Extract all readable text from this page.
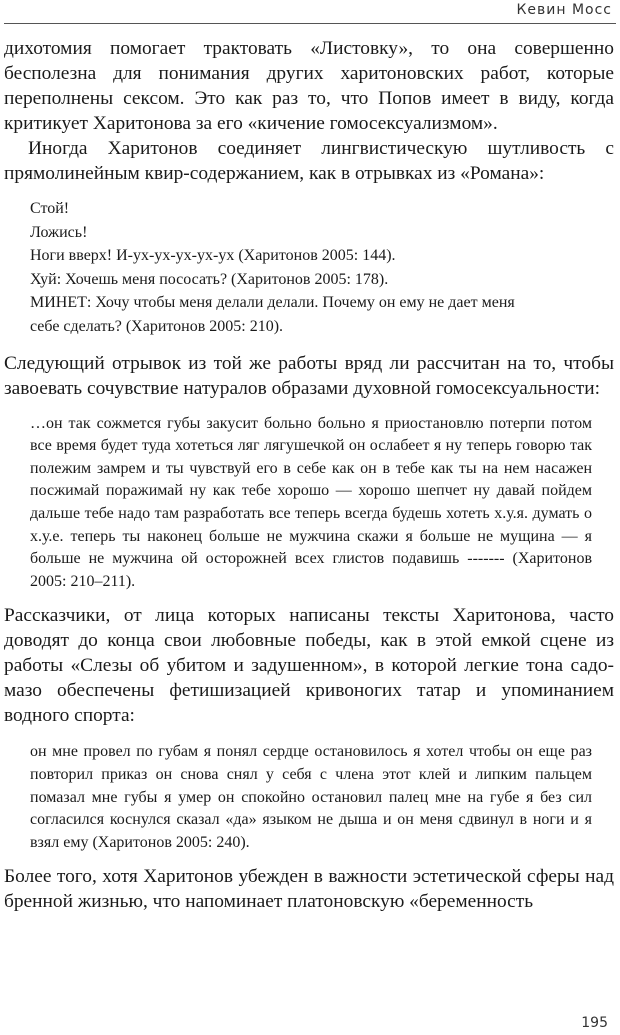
Кевин Мосс

дихотомия помогает трактовать «Листовку», то она совершенно бесполезна для понимания других харитоновских работ, которые переполнены сексом. Это как раз то, что Попов имеет в виду, когда критикует Харитонова за его «кичение гомосексуализмом».

Иногда Харитонов соединяет лингвистическую шутливость с прямолинейным квир-содержанием, как в отрывках из «Романа»:

Стой!
Ложись!
Ноги вверх! И-ух-ух-ух-ух-ух (Харитонов 2005: 144).
Хуй: Хочешь меня пососать? (Харитонов 2005: 178).
МИНЕТ: Хочу чтобы меня делали делали. Почему он ему не дает меня
себе сделать? (Харитонов 2005: 210).

Следующий отрывок из той же работы вряд ли рассчитан на то, чтобы завоевать сочувствие натуралов образами духовной гомосексуальности:

…он так сожмется губы закусит больно больно я приостановлю потерпи потом все время будет туда хотеться ляг лягушечкой он ослабеет я ну теперь говорю так полежим замрем и ты чувствуй его в себе как он в тебе как ты на нем насажен посжимай поражимай ну как тебе хорошо — хорошо шепчет ну давай пойдем дальше тебе надо там разработать все теперь всегда будешь хотеть х.у.я. думать о х.у.е. теперь ты наконец больше не мужчина скажи я больше не мущина — я больше не мужчина ой осторожней всех глистов подавишь ------- (Харитонов 2005: 210–211).

Рассказчики, от лица которых написаны тексты Харитонова, часто доводят до конца свои любовные победы, как в этой емкой сцене из работы «Слезы об убитом и задушенном», в которой легкие тона садо-мазо обеспечены фетишизацией кривоногих татар и упоминанием водного спорта:

он мне провел по губам я понял сердце остановилось я хотел чтобы он еще раз повторил приказ он снова снял у себя с члена этот клей и липким пальцем помазал мне губы я умер он спокойно остановил палец мне на губе я без сил согласился коснулся сказал «да» языком не дыша и он меня сдвинул в ноги и я взял ему (Харитонов 2005: 240).

Более того, хотя Харитонов убежден в важности эстетической сферы над бренной жизнью, что напоминает платоновскую «беременность

195
